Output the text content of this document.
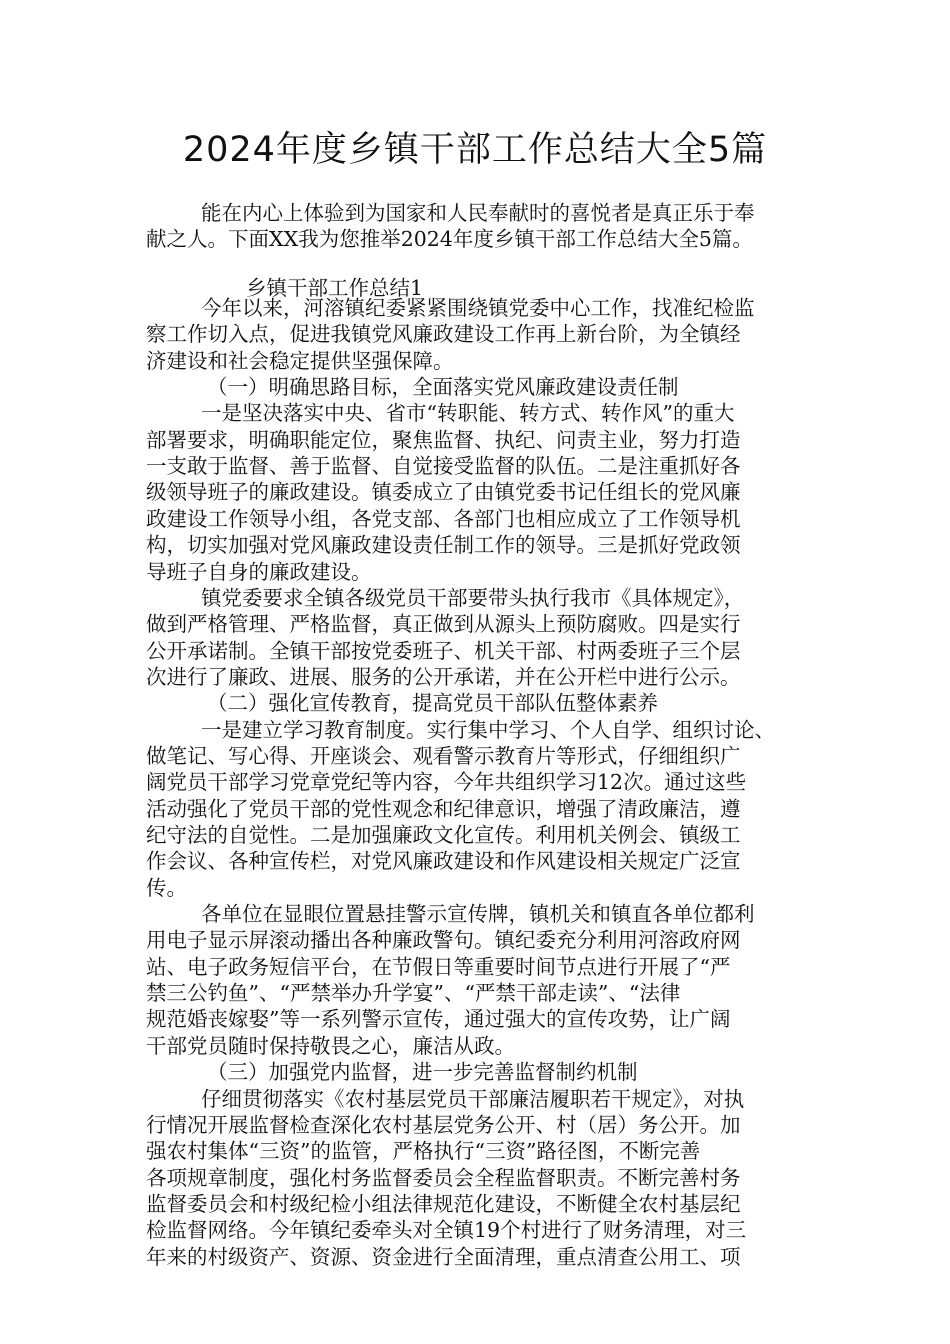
2024年度乡镇干部工作总结大全5篇
能在内心上体验到为国家和人民奉献时的喜悦者是真正乐于奉
献之人。下面XX我为您推举2024年度乡镇干部工作总结大全5篇。
乡镇干部工作总结1
今年以来，河溶镇纪委紧紧围绕镇党委中心工作，找准纪检监
察工作切入点，促进我镇党风廉政建设工作再上新台阶，为全镇经
济建设和社会稳定提供坚强保障。
（一）明确思路目标，全面落实党风廉政建设责任制
一是坚决落实中央、省市“转职能、转方式、转作风”的重大
部署要求，明确职能定位，聚焦监督、执纪、问责主业，努力打造
一支敢于监督、善于监督、自觉接受监督的队伍。二是注重抓好各
级领导班子的廉政建设。镇委成立了由镇党委书记任组长的党风廉
政建设工作领导小组，各党支部、各部门也相应成立了工作领导机
构，切实加强对党风廉政建设责任制工作的领导。三是抓好党政领
导班子自身的廉政建设。
镇党委要求全镇各级党员干部要带头执行我市《具体规定》，
做到严格管理、严格监督，真正做到从源头上预防腐败。四是实行
公开承诺制。全镇干部按党委班子、机关干部、村两委班子三个层
次进行了廉政、进展、服务的公开承诺，并在公开栏中进行公示。
（二）强化宣传教育，提高党员干部队伍整体素养
一是建立学习教育制度。实行集中学习、个人自学、组织讨论、
做笔记、写心得、开座谈会、观看警示教育片等形式，仔细组织广
阔党员干部学习党章党纪等内容，今年共组织学习12次。通过这些
活动强化了党员干部的党性观念和纪律意识，增强了清政廉洁，遵
纪守法的自觉性。二是加强廉政文化宣传。利用机关例会、镇级工
作会议、各种宣传栏，对党风廉政建设和作风建设相关规定广泛宣
传。
各单位在显眼位置悬挂警示宣传牌，镇机关和镇直各单位都利
用电子显示屏滚动播出各种廉政警句。镇纪委充分利用河溶政府网
站、电子政务短信平台，在节假日等重要时间节点进行开展了“严
禁三公钓鱼”、“严禁举办升学宴”、“严禁干部走读”、“法律
规范婚丧嫁娶”等一系列警示宣传，通过强大的宣传攻势，让广阔
干部党员随时保持敬畏之心，廉洁从政。
（三）加强党内监督，进一步完善监督制约机制
仔细贯彻落实《农村基层党员干部廉洁履职若干规定》，对执
行情况开展监督检查深化农村基层党务公开、村（居）务公开。加
强农村集体“三资”的监管，严格执行“三资”路径图，不断完善
各项规章制度，强化村务监督委员会全程监督职责。不断完善村务
监督委员会和村级纪检小组法律规范化建设，不断健全农村基层纪
检监督网络。今年镇纪委牵头对全镇19个村进行了财务清理，对三
年来的村级资产、资源、资金进行全面清理，重点清查公用工、项
